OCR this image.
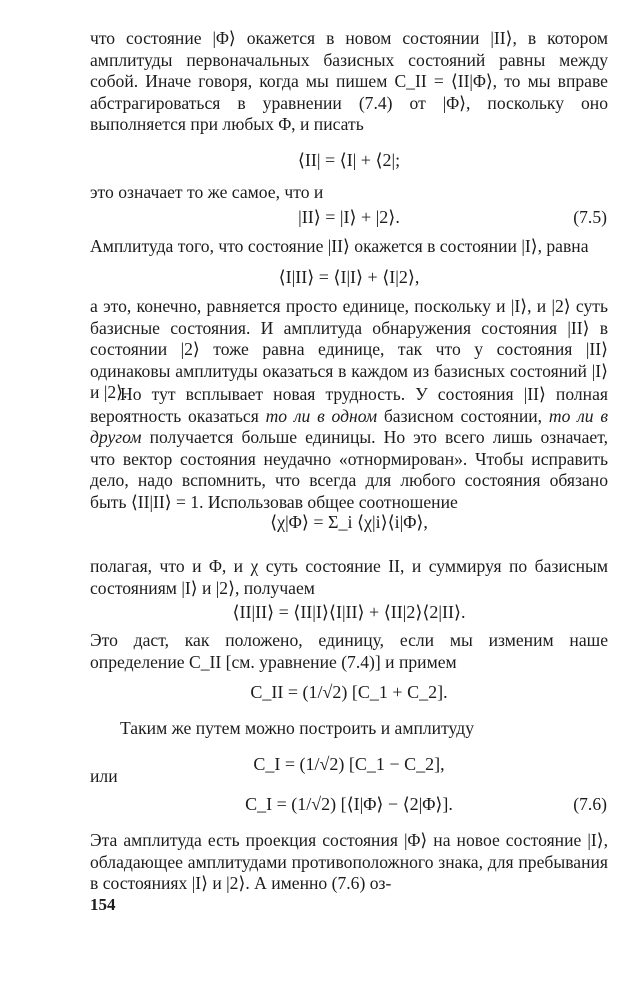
что состояние |Φ⟩ окажется в новом состоянии |II⟩, в котором амплитуды первоначальных базисных состояний равны между собой. Иначе говоря, когда мы пишем C_II = ⟨II|Φ⟩, то мы вправе абстрагироваться в уравнении (7.4) от |Φ⟩, поскольку оно выполняется при любых Φ, и писать
⟨II| = ⟨I| + ⟨2|;
это означает то же самое, что и
|II⟩ = |I⟩ + |2⟩.	(7.5)
Амплитуда того, что состояние |II⟩ окажется в состоянии |I⟩, равна
⟨I|II⟩ = ⟨I|I⟩ + ⟨I|2⟩,
а это, конечно, равняется просто единице, поскольку и |I⟩, и |2⟩ суть базисные состояния. И амплитуда обнаружения состояния |II⟩ в состоянии |2⟩ тоже равна единице, так что у состояния |II⟩ одинаковы амплитуды оказаться в каждом из базисных состояний |I⟩ и |2⟩.
Но тут всплывает новая трудность. У состояния |II⟩ полная вероятность оказаться то ли в одном базисном состоянии, то ли в другом получается больше единицы. Но это всего лишь означает, что вектор состояния неудачно «отнормирован». Чтобы исправить дело, надо вспомнить, что всегда для любого состояния обязано быть ⟨II|II⟩ = 1. Использовав общее соотношение
⟨χ|Φ⟩ = Σ_i ⟨χ|i⟩⟨i|Φ⟩,
полагая, что и Φ, и χ суть состояние II, и суммируя по базисным состояниям |I⟩ и |2⟩, получаем
⟨II|II⟩ = ⟨II|I⟩⟨I|II⟩ + ⟨II|2⟩⟨2|II⟩.
Это даст, как положено, единицу, если мы изменим наше определение C_II [см. уравнение (7.4)] и примем
C_II = (1/√2) [C_1 + C_2].
Таким же путем можно построить и амплитуду
C_I = (1/√2) [C_1 − C_2],
или
C_I = (1/√2) [⟨I|Φ⟩ − ⟨2|Φ⟩].	(7.6)
Эта амплитуда есть проекция состояния |Φ⟩ на новое состояние |I⟩, обладающее амплитудами противоположного знака, для пребывания в состояниях |I⟩ и |2⟩. А именно (7.6) оз-
154
